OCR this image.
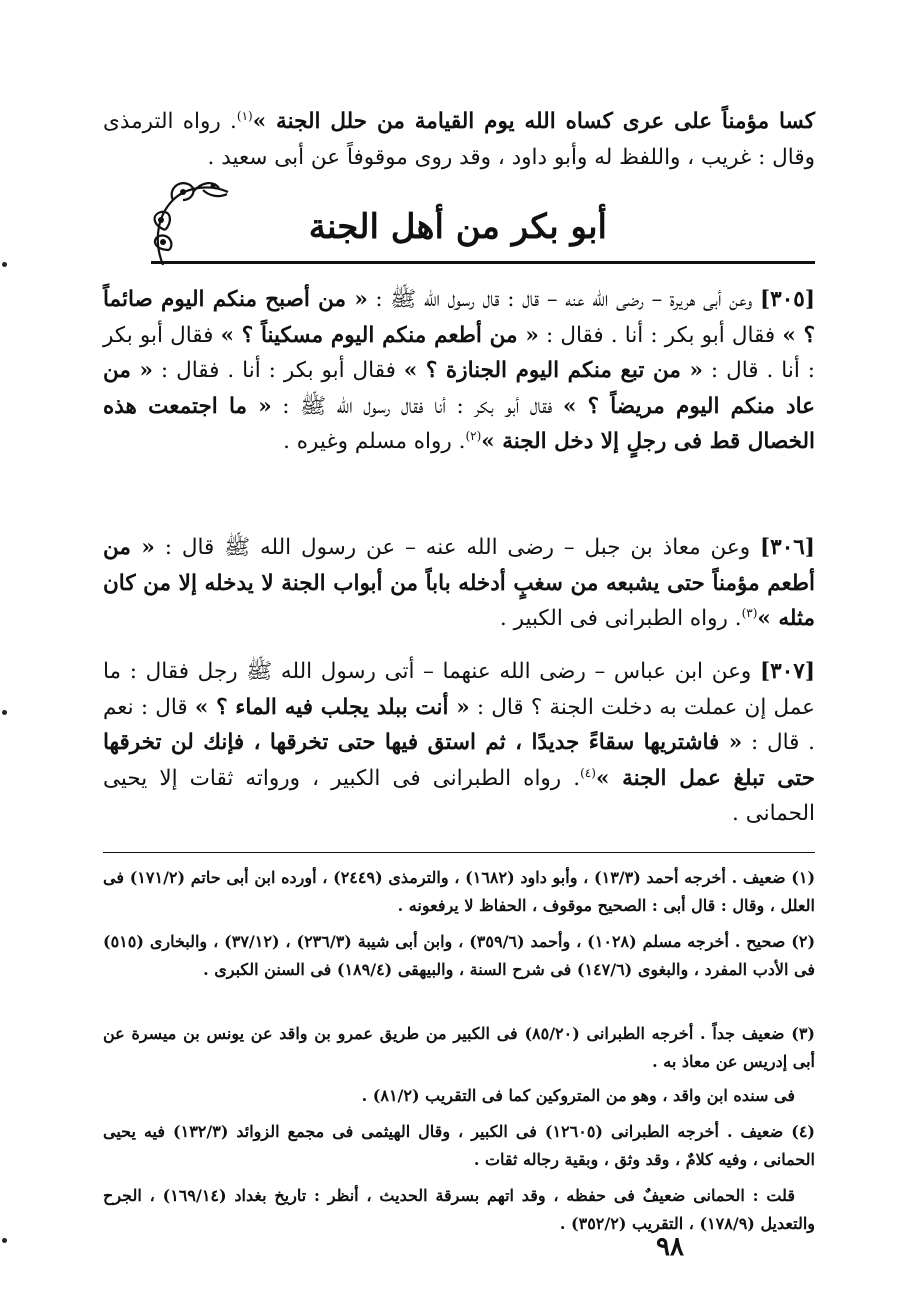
كسا مؤمناً على عرى كساه الله يوم القيامة من حلل الجنة »$^{(١)}$. رواه الترمذى وقال : غريب ، واللفظ له وأبو داود ، وقد روى موقوفاً عن أبى سعيد .

أبو بكر من أهل الجنة

[٣٠٥] وعن أبى هريرة – رضى الله عنه – قال : قال رسول الله ﷺ : « من أصبح منكم اليوم صائماً ؟ » فقال أبو بكر : أنا . فقال : « من أطعم منكم اليوم مسكيناً ؟ » فقال أبو بكر : أنا . قال : « من تبع منكم اليوم الجنازة ؟ » فقال أبو بكر : أنا . فقال : « من عاد منكم اليوم مريضاً ؟ » فقال أبو بكر : أنا فقال رسول الله ﷺ : « ما اجتمعت هذه الخصال قط فى رجلٍ إلا دخل الجنة »$^{(٢)}$. رواه مسلم وغيره .

[٣٠٦] وعن معاذ بن جبل – رضى الله عنه – عن رسول الله ﷺ قال : « من أطعم مؤمناً حتى يشبعه من سغبٍ أدخله باباً من أبواب الجنة لا يدخله إلا من كان مثله »$^{(٣)}$. رواه الطبرانى فى الكبير .

[٣٠٧] وعن ابن عباس – رضى الله عنهما – أتى رسول الله ﷺ رجل فقال : ما عمل إن عملت به دخلت الجنة ؟ قال : « أنت ببلد يجلب فيه الماء ؟ » قال : نعم . قال : « فاشتريها سقاءً جديدًا ، ثم استق فيها حتى تخرقها ، فإنك لن تخرقها حتى تبلغ عمل الجنة »$^{(٤)}$. رواه الطبرانى فى الكبير ، ورواته ثقات إلا يحيى الحمانى .

(١) ضعيف . أخرجه أحمد (١٣/٣) ، وأبو داود (١٦٨٢) ، والترمذى (٢٤٤٩) ، أورده ابن أبى حاتم (١٧١/٢) فى العلل ، وقال : قال أبى : الصحيح موقوف ، الحفاظ لا يرفعونه .

(٢) صحيح . أخرجه مسلم (١٠٢٨) ، وأحمد (٣٥٩/٦) ، وابن أبى شيبة (٢٣٦/٣) ، (٣٧/١٢) ، والبخارى (٥١٥) فى الأدب المفرد ، والبغوى (١٤٧/٦) فى شرح السنة ، والبيهقى (١٨٩/٤) فى السنن الكبرى .

(٣) ضعيف جداً . أخرجه الطبرانى (٨٥/٢٠) فى الكبير من طريق عمرو بن واقد عن يونس بن ميسرة عن أبى إدريس عن معاذ به .

فى سنده ابن واقد ، وهو من المتروكين كما فى التقريب (٨١/٢) .

(٤) ضعيف . أخرجه الطبرانى (١٢٦٠٥) فى الكبير ، وقال الهيثمى فى مجمع الزوائد (١٣٢/٣) فيه يحيى الحمانى ، وفيه كلامٌ ، وقد وثق ، وبقية رجاله ثقات .

قلت : الحمانى ضعيفٌ فى حفظه ، وقد اتهم بسرقة الحديث ، أنظر : تاريخ بغداد (١٦٩/١٤) ، الجرح والتعديل (١٧٨/٩) ، التقريب (٣٥٢/٢) .

٩٨
